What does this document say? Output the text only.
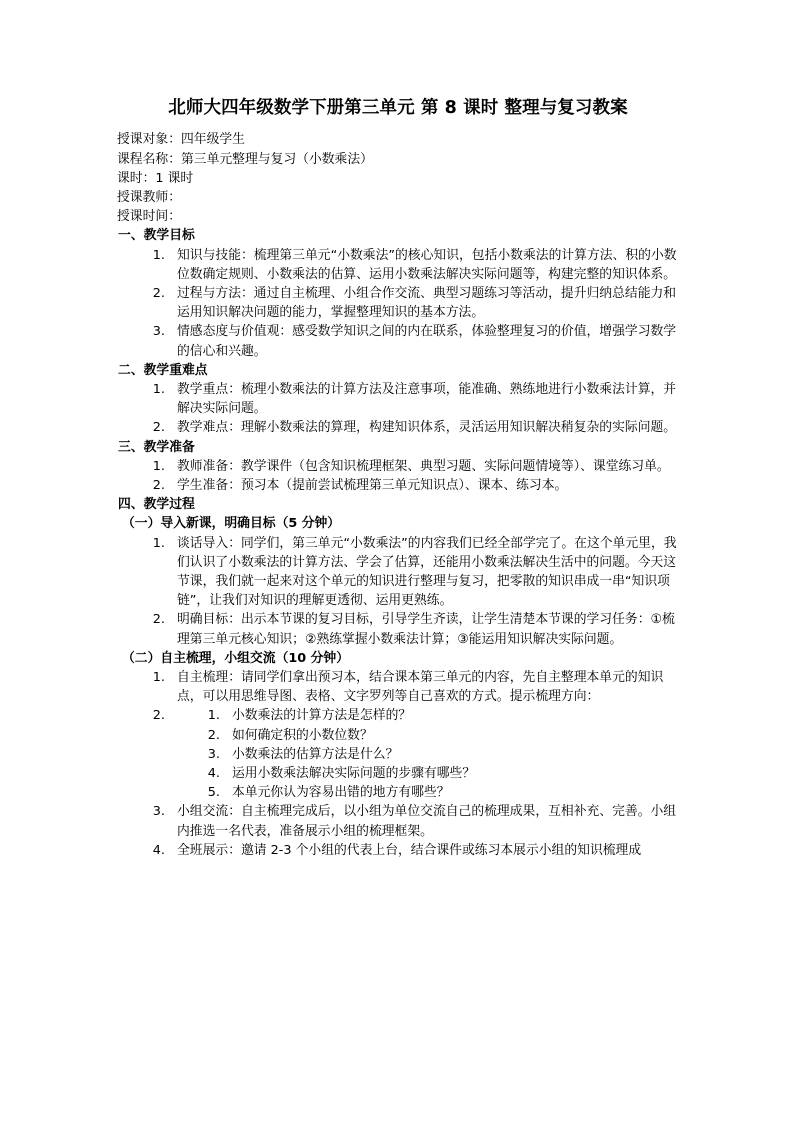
北师大四年级数学下册第三单元 第 8 课时 整理与复习教案

授课对象：四年级学生

课程名称：第三单元整理与复习（小数乘法）

课时：1 课时

授课教师：

授课时间：

一、教学目标
1. 知识与技能：梳理第三单元“小数乘法”的核心知识，包括小数乘法的计算方法、积的小数位数确定规则、小数乘法的估算、运用小数乘法解决实际问题等，构建完整的知识体系。
2. 过程与方法：通过自主梳理、小组合作交流、典型习题练习等活动，提升归纳总结能力和运用知识解决问题的能力，掌握整理知识的基本方法。
3. 情感态度与价值观：感受数学知识之间的内在联系，体验整理复习的价值，增强学习数学的信心和兴趣。
二、教学重难点
1. 教学重点：梳理小数乘法的计算方法及注意事项，能准确、熟练地进行小数乘法计算，并解决实际问题。
2. 教学难点：理解小数乘法的算理，构建知识体系，灵活运用知识解决稍复杂的实际问题。
三、教学准备
1. 教师准备：教学课件（包含知识梳理框架、典型习题、实际问题情境等）、课堂练习单。
2. 学生准备：预习本（提前尝试梳理第三单元知识点）、课本、练习本。
四、教学过程
（一）导入新课，明确目标（5 分钟）
1. 谈话导入：同学们，第三单元“小数乘法”的内容我们已经全部学完了。在这个单元里，我们认识了小数乘法的计算方法、学会了估算，还能用小数乘法解决生活中的问题。今天这节课，我们就一起来对这个单元的知识进行整理与复习，把零散的知识串成一串“知识项链”，让我们对知识的理解更透彻、运用更熟练。
2. 明确目标：出示本节课的复习目标，引导学生齐读，让学生清楚本节课的学习任务：①梳理第三单元核心知识；②熟练掌握小数乘法计算；③能运用知识解决实际问题。
（二）自主梳理，小组交流（10 分钟）
1. 自主梳理：请同学们拿出预习本，结合课本第三单元的内容，先自主整理本单元的知识点，可以用思维导图、表格、文字罗列等自己喜欢的方式。提示梳理方向：
1. 2. 小数乘法的计算方法是怎样的？
2. 如何确定积的小数位数？
3. 小数乘法的估算方法是什么？
4. 运用小数乘法解决实际问题的步骤有哪些？
5. 本单元你认为容易出错的地方有哪些？
3. 小组交流：自主梳理完成后，以小组为单位交流自己的梳理成果，互相补充、完善。小组内推选一名代表，准备展示小组的梳理框架。
4. 全班展示：邀请 2-3 个小组的代表上台，结合课件或练习本展示小组的知识梳理成
